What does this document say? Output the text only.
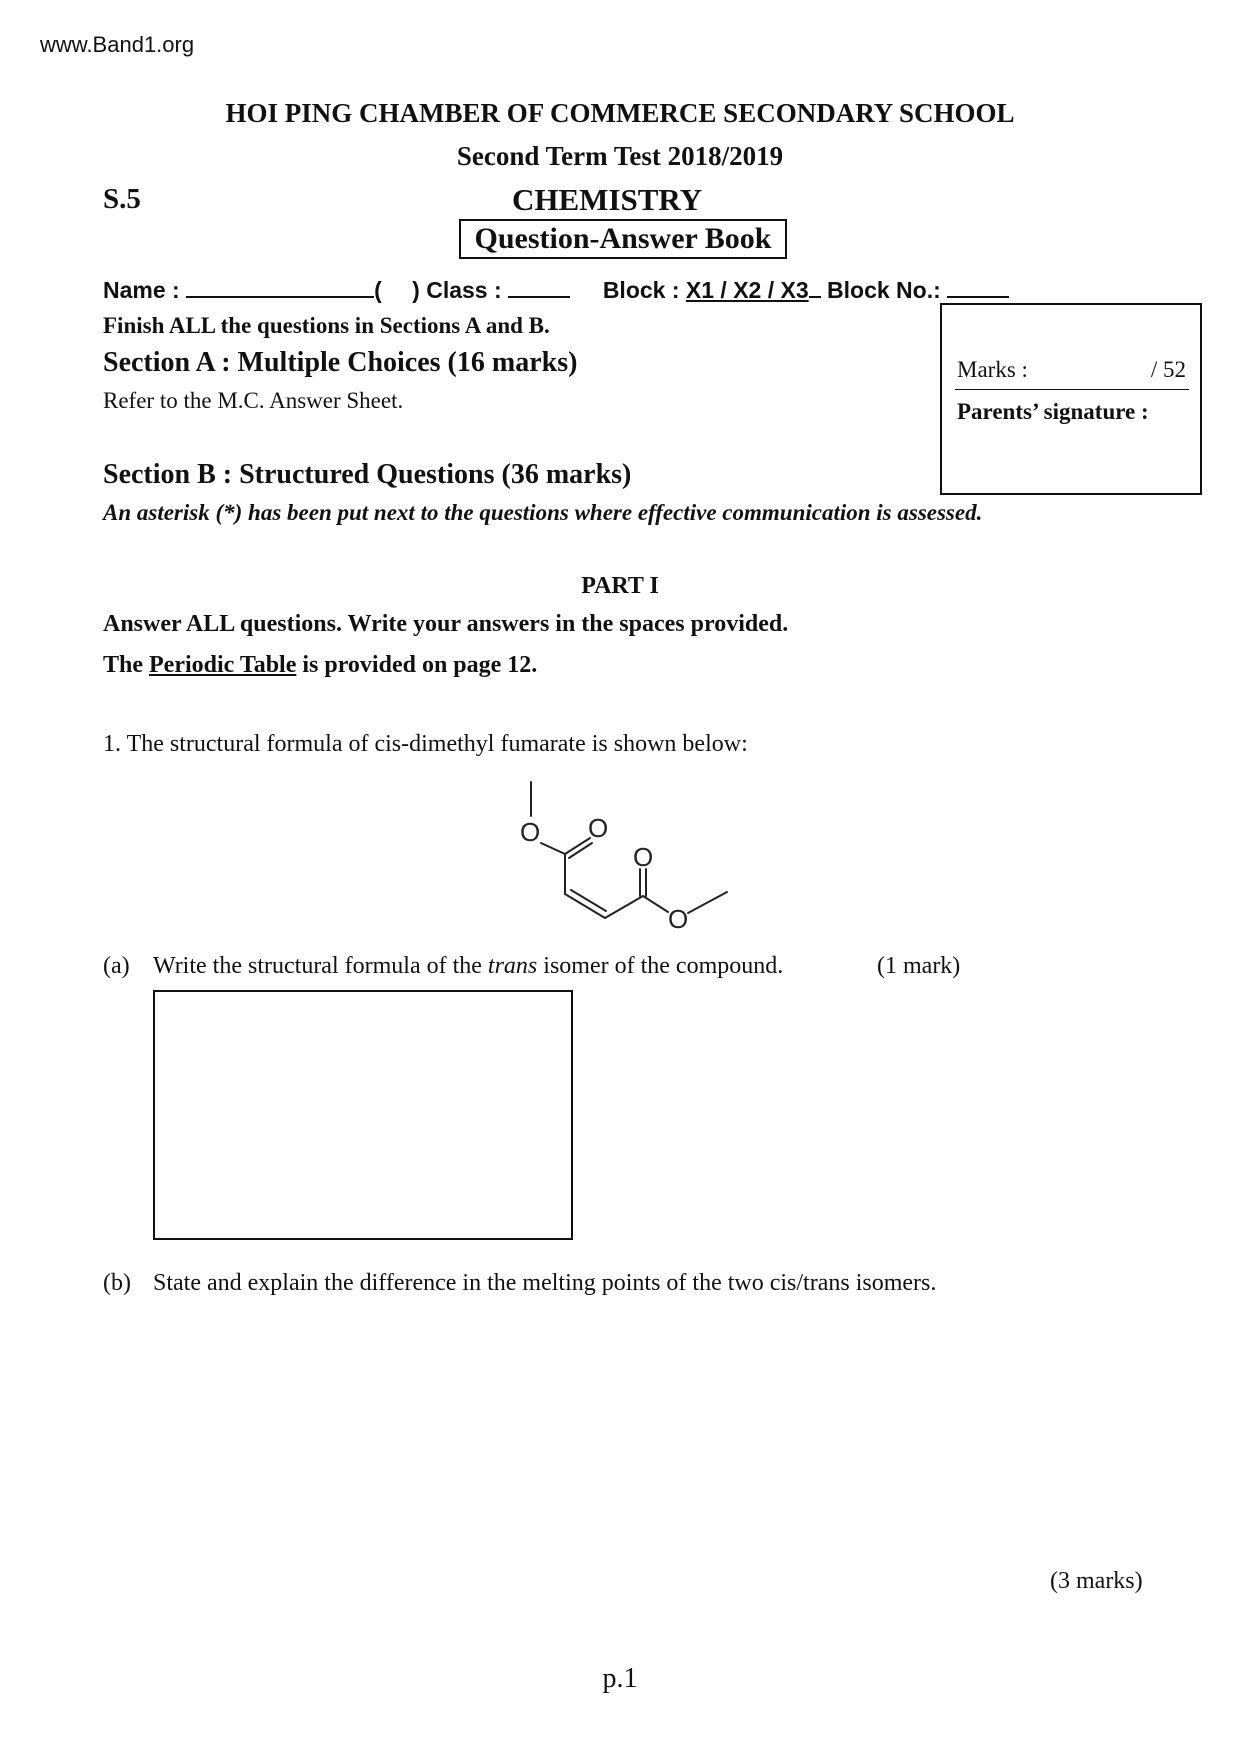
www.Band1.org
HOI PING CHAMBER OF COMMERCE SECONDARY SCHOOL
Second Term Test 2018/2019
S.5	CHEMISTRY
Question-Answer Book
Name :	( ) Class :	Block : X1 / X2 / X3 Block No.:
Marks :	/ 52
Parents’ signature :
Finish ALL the questions in Sections A and B.
Section A : Multiple Choices (16 marks)
Refer to the M.C. Answer Sheet.
Section B : Structured Questions (36 marks)
An asterisk (*) has been put next to the questions where effective communication is assessed.
PART I
Answer ALL questions. Write your answers in the spaces provided.
The Periodic Table is provided on page 12.
1. The structural formula of cis-dimethyl fumarate is shown below:
O O
O
O
(a) Write the structural formula of the trans isomer of the compound.	(1 mark)
(b) State and explain the difference in the melting points of the two cis/trans isomers.
(3 marks)
p.1
